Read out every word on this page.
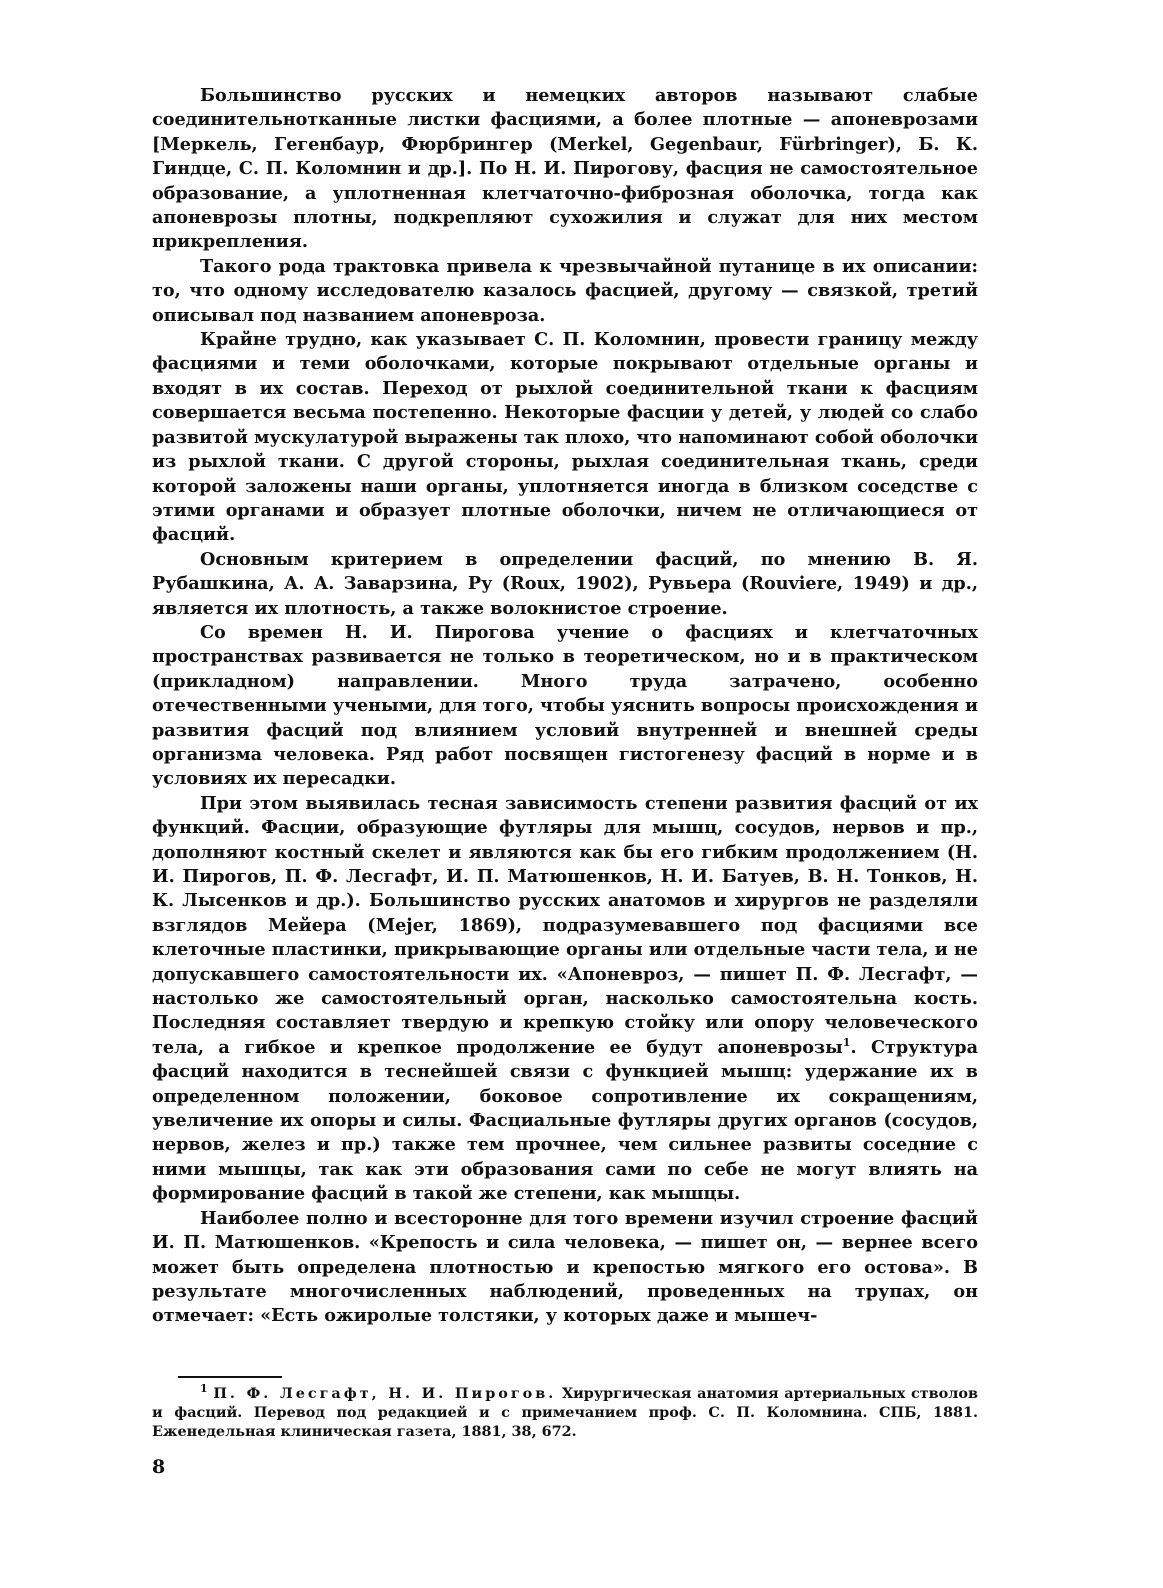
Большинство русских и немецких авторов называют слабые соединительнотканные листки фасциями, а более плотные — апоневрозами [Меркель, Гегенбаур, Фюрбрингер (Merkel, Gegenbaur, Fürbringer), Б. К. Гиндце, С. П. Коломнин и др.]. По Н. И. Пирогову, фасция не самостоятельное образование, а уплотненная клетчаточно-фиброзная оболочка, тогда как апоневрозы плотны, подкрепляют сухожилия и служат для них местом прикрепления.

Такого рода трактовка привела к чрезвычайной путанице в их описании: то, что одному исследователю казалось фасцией, другому — связкой, третий описывал под названием апоневроза.

Крайне трудно, как указывает С. П. Коломнин, провести границу между фасциями и теми оболочками, которые покрывают отдельные органы и входят в их состав. Переход от рыхлой соединительной ткани к фасциям совершается весьма постепенно. Некоторые фасции у детей, у людей со слабо развитой мускулатурой выражены так плохо, что напоминают собой оболочки из рыхлой ткани. С другой стороны, рыхлая соединительная ткань, среди которой заложены наши органы, уплотняется иногда в близком соседстве с этими органами и образует плотные оболочки, ничем не отличающиеся от фасций.

Основным критерием в определении фасций, по мнению В. Я. Рубашкина, А. А. Заварзина, Ру (Roux, 1902), Рувьера (Rouviere, 1949) и др., является их плотность, а также волокнистое строение.

Со времен Н. И. Пирогова учение о фасциях и клетчаточных пространствах развивается не только в теоретическом, но и в практическом (прикладном) направлении. Много труда затрачено, особенно отечественными учеными, для того, чтобы уяснить вопросы происхождения и развития фасций под влиянием условий внутренней и внешней среды организма человека. Ряд работ посвящен гистогенезу фасций в норме и в условиях их пересадки.

При этом выявилась тесная зависимость степени развития фасций от их функций. Фасции, образующие футляры для мышц, сосудов, нервов и пр., дополняют костный скелет и являются как бы его гибким продолжением (Н. И. Пирогов, П. Ф. Лесгафт, И. П. Матюшенков, Н. И. Батуев, В. Н. Тонков, Н. К. Лысенков и др.). Большинство русских анатомов и хирургов не разделяли взглядов Мейера (Mejer, 1869), подразумевавшего под фасциями все клеточные пластинки, прикрывающие органы или отдельные части тела, и не допускавшего самостоятельности их. «Апоневроз, — пишет П. Ф. Лесгафт, — настолько же самостоятельный орган, насколько самостоятельна кость. Последняя составляет твердую и крепкую стойку или опору человеческого тела, а гибкое и крепкое продолжение ее будут апоневрозы$^1$. Структура фасций находится в теснейшей связи с функцией мышц: удержание их в определенном положении, боковое сопротивление их сокращениям, увеличение их опоры и силы. Фасциальные футляры других органов (сосудов, нервов, желез и пр.) также тем прочнее, чем сильнее развиты соседние с ними мышцы, так как эти образования сами по себе не могут влиять на формирование фасций в такой же степени, как мышцы.

Наиболее полно и всесторонне для того времени изучил строение фасций И. П. Матюшенков. «Крепость и сила человека, — пишет он, — вернее всего может быть определена плотностью и крепостью мягкого его остова». В результате многочисленных наблюдений, проведенных на трупах, он отмечает: «Есть ожиролые толстяки, у которых даже и мышеч-

$^1$ П. Ф. Лесгафт, Н. И. Пирогов. Хирургическая анатомия артериальных стволов и фасций. Перевод под редакцией и с примечанием проф. С. П. Коломнина. СПБ, 1881. Еженедельная клиническая газета, 1881, 38, 672.

8
